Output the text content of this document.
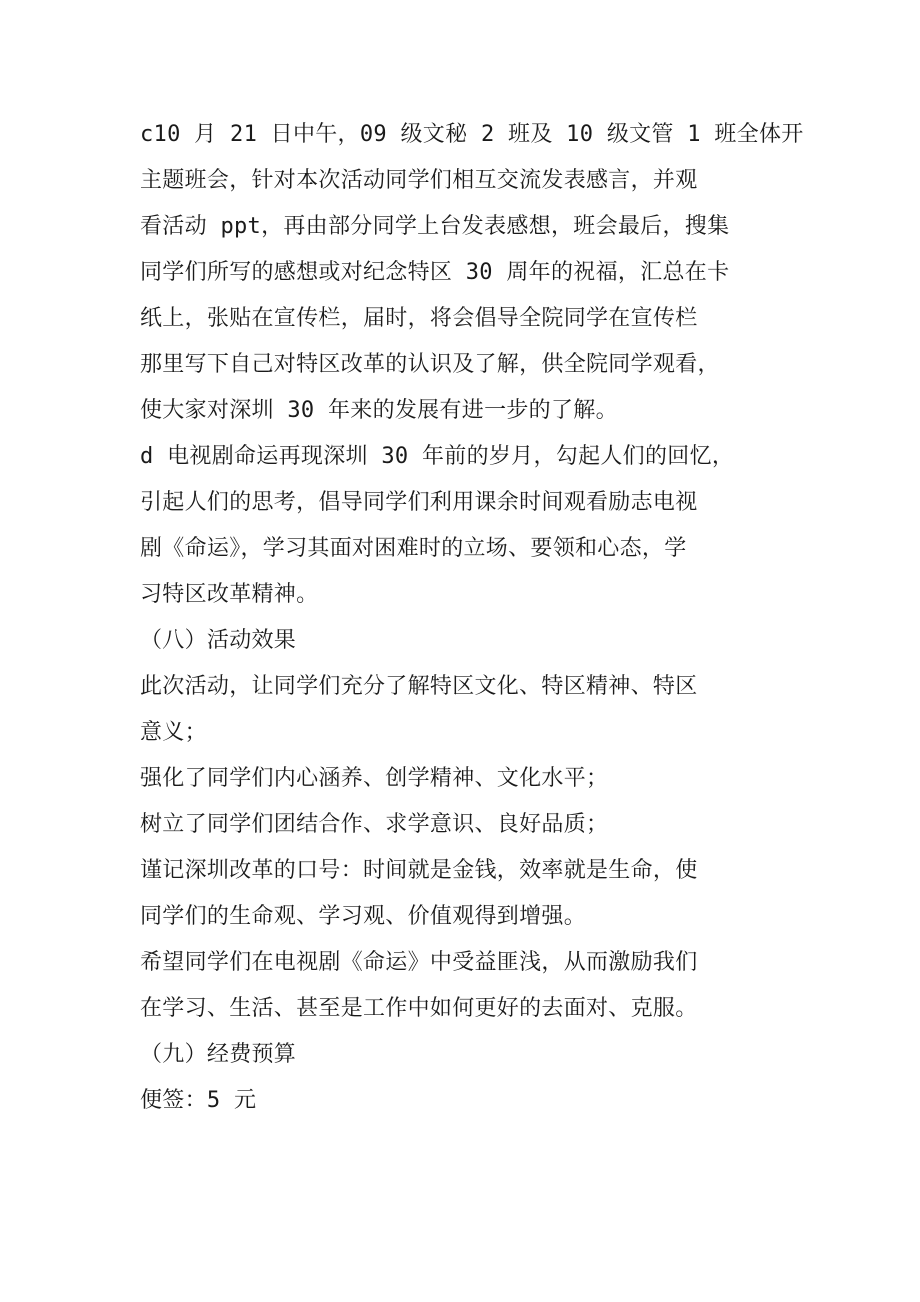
c10 月 21 日中午，09 级文秘 2 班及 10 级文管 1 班全体开
主题班会，针对本次活动同学们相互交流发表感言，并观
看活动 ppt，再由部分同学上台发表感想，班会最后，搜集
同学们所写的感想或对纪念特区 30 周年的祝福，汇总在卡
纸上，张贴在宣传栏，届时，将会倡导全院同学在宣传栏
那里写下自己对特区改革的认识及了解，供全院同学观看，
使大家对深圳 30 年来的发展有进一步的了解。
d 电视剧命运再现深圳 30 年前的岁月，勾起人们的回忆，
引起人们的思考，倡导同学们利用课余时间观看励志电视
剧《命运》，学习其面对困难时的立场、要领和心态，学
习特区改革精神。
（八）活动效果
此次活动，让同学们充分了解特区文化、特区精神、特区
意义；
强化了同学们内心涵养、创学精神、文化水平；
树立了同学们团结合作、求学意识、良好品质；
谨记深圳改革的口号：时间就是金钱，效率就是生命，使
同学们的生命观、学习观、价值观得到增强。
希望同学们在电视剧《命运》中受益匪浅，从而激励我们
在学习、生活、甚至是工作中如何更好的去面对、克服。
（九）经费预算
便签：5 元
